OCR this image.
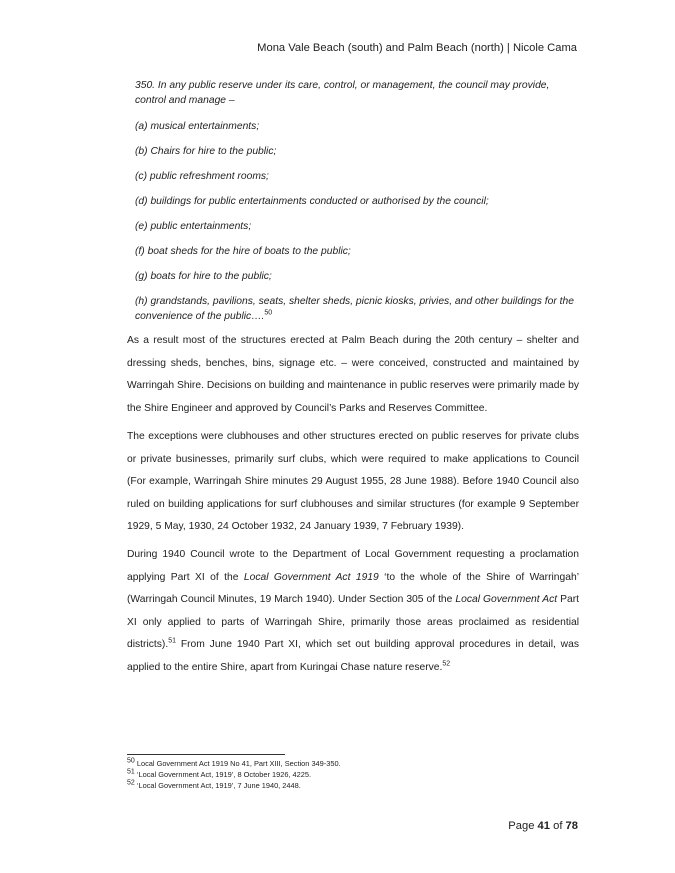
Mona Vale Beach (south) and Palm Beach (north) | Nicole Cama
350. In any public reserve under its care, control, or management, the council may provide, control and manage –
(a) musical entertainments;
(b) Chairs for hire to the public;
(c) public refreshment rooms;
(d) buildings for public entertainments conducted or authorised by the council;
(e) public entertainments;
(f) boat sheds for the hire of boats to the public;
(g) boats for hire to the public;
(h) grandstands, pavilions, seats, shelter sheds, picnic kiosks, privies, and other buildings for the convenience of the public….$^{50}$
As a result most of the structures erected at Palm Beach during the 20th century – shelter and dressing sheds, benches, bins, signage etc. – were conceived, constructed and maintained by Warringah Shire. Decisions on building and maintenance in public reserves were primarily made by the Shire Engineer and approved by Council’s Parks and Reserves Committee.
The exceptions were clubhouses and other structures erected on public reserves for private clubs or private businesses, primarily surf clubs, which were required to make applications to Council (For example, Warringah Shire minutes 29 August 1955, 28 June 1988). Before 1940 Council also ruled on building applications for surf clubhouses and similar structures (for example 9 September 1929, 5 May, 1930, 24 October 1932, 24 January 1939, 7 February 1939).
During 1940 Council wrote to the Department of Local Government requesting a proclamation applying Part XI of the Local Government Act 1919 ‘to the whole of the Shire of Warringah’ (Warringah Council Minutes, 19 March 1940). Under Section 305 of the Local Government Act Part XI only applied to parts of Warringah Shire, primarily those areas proclaimed as residential districts).$^{51}$ From June 1940 Part XI, which set out building approval procedures in detail, was applied to the entire Shire, apart from Kuringai Chase nature reserve.$^{52}$
$^{50}$ Local Government Act 1919 No 41, Part XIII, Section 349-350.
$^{51}$ ‘Local Government Act, 1919’, 8 October 1926, 4225.
$^{52}$ ‘Local Government Act, 1919’, 7 June 1940, 2448.
Page 41 of 78
